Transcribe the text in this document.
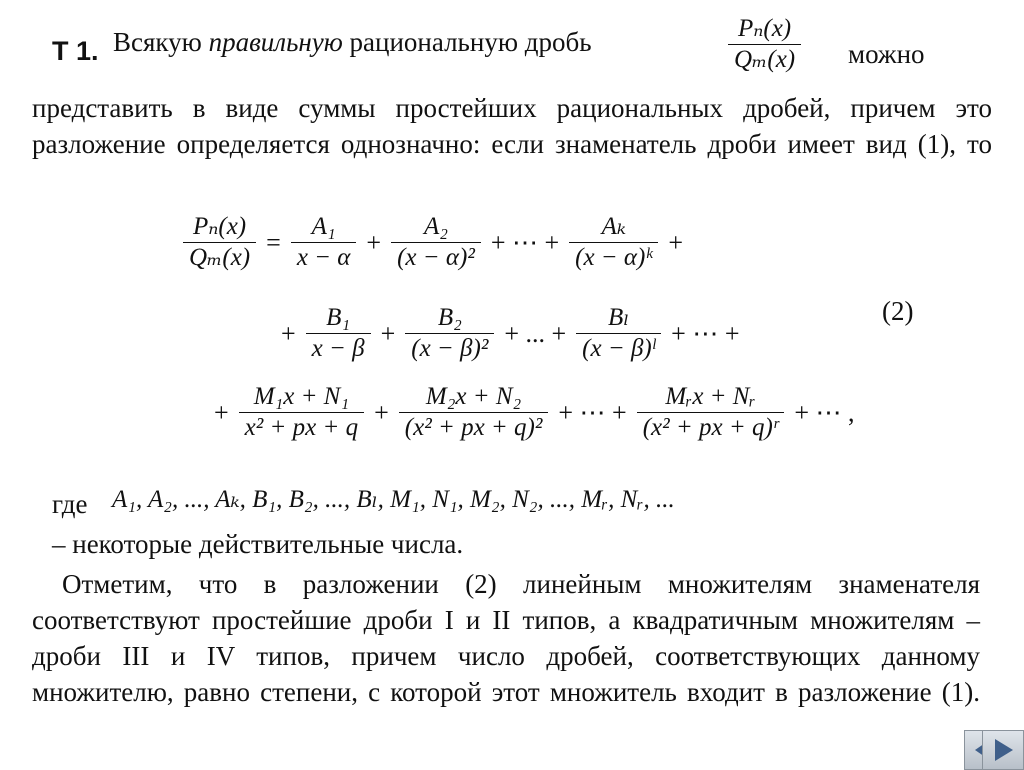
Т 1. Всякую правильную рациональную дробь	Pₙ(x)
Qₘ(x) можно
представить в виде суммы простейших рациональных дробей, причем это разложение определяется однозначно: если знаменатель дроби имеет вид (1), то
$\frac{\text{Pₙ(x)}}{\text{Qₘ(x)}} = \frac{\text{A₁}}{x - \alpha} + \frac{\text{A₂}}{\text{(x − α)²}}$ + ⋯ + $\frac{\text{Aₖ}}{\text{(x − α)ᵏ}}$ +
+ $\frac{\text{B₁}}{x - \beta} + \frac{\text{B₂}}{\text{(x − β)²}}$ + ... + $\frac{\text{Bₗ}}{\text{(x − β)ˡ}}$ + ⋯ +
(2)
+ $\frac{\text{M₁x + N₁}}{\text{x² + px + q}} + \frac{\text{M₂x + N₂}}{\text{(x² + px + q)²}}$ + ⋯ + $\frac{\text{Mᵣx + Nᵣ}}{\text{(x² + px + q)ʳ}}$ + ⋯ ,
где A₁, A₂, ..., Aₖ, B₁, B₂, ..., Bₗ, M₁, N₁, M₂, N₂, ..., Mᵣ, Nᵣ, ...
– некоторые действительные числа.
Отметим, что в разложении (2) линейным множителям знаменателя соответствуют простейшие дроби I и II типов, а квадратичным множителям – дроби III и IV типов, причем число дробей, соответствующих данному множителю, равно степени, с которой этот множитель входит в разложение (1).
